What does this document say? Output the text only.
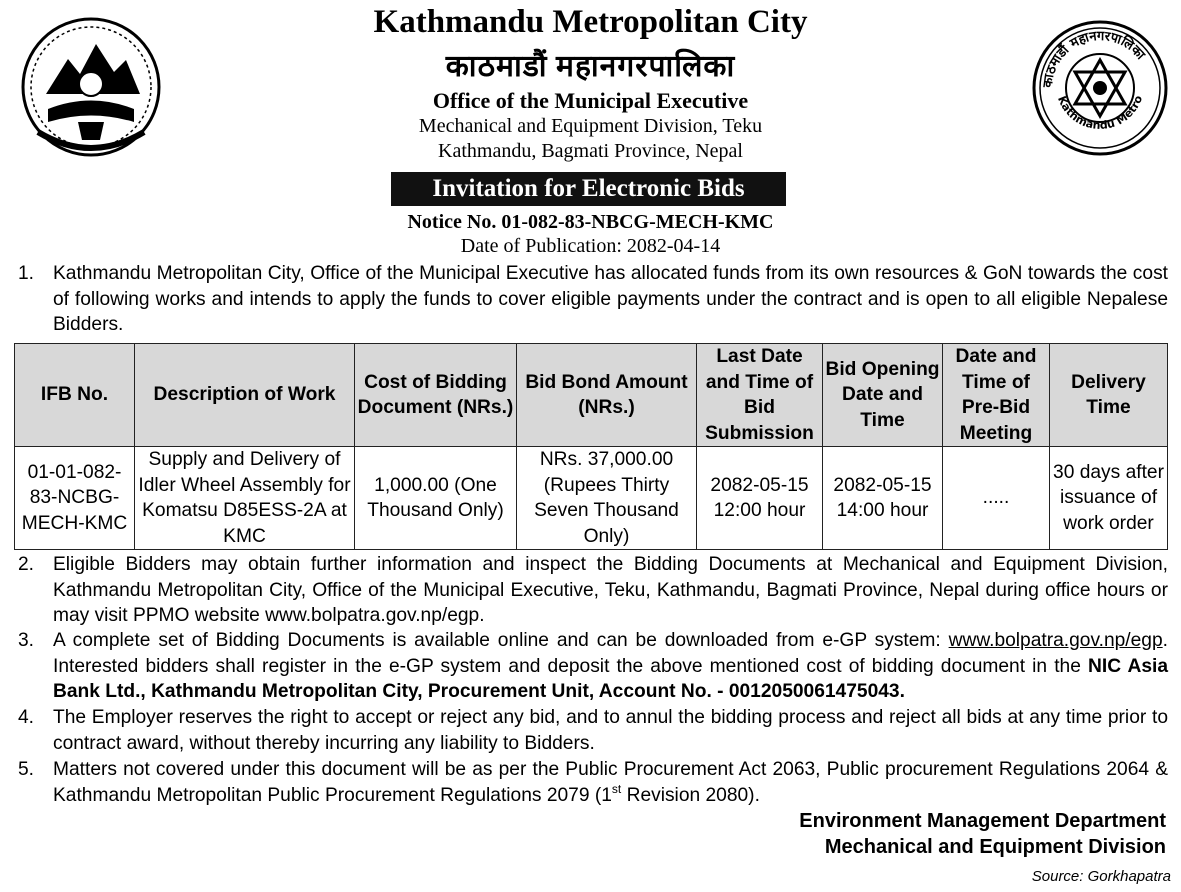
Kathmandu Metropolitan City
काठमाडौं महानगरपालिका
Office of the Municipal Executive
Mechanical and Equipment Division, Teku
Kathmandu, Bagmati Province, Nepal
Invitation for Electronic Bids
Notice No. 01-082-83-NBCG-MECH-KMC
Date of Publication: 2082-04-14
काठमाडौं महानगरपालिका
Kathmandu Metro
1. Kathmandu Metropolitan City, Office of the Municipal Executive has allocated funds from its own resources & GoN towards the cost of following works and intends to apply the funds to cover eligible payments under the contract and is open to all eligible Nepalese Bidders.
IFB No.	Description of Work	Cost of Bidding Document (NRs.)	Bid Bond Amount (NRs.)	Last Date and Time of Bid Submission	Bid Opening Date and Time	Date and Time of Pre-Bid Meeting	Delivery Time
01-01-082-83-NCBG-MECH-KMC	Supply and Delivery of Idler Wheel Assembly for Komatsu D85ESS-2A at KMC	1,000.00 (One Thousand Only)	NRs. 37,000.00 (Rupees Thirty Seven Thousand Only)	2082-05-15 12:00 hour	2082-05-15 14:00 hour	.....	30 days after issuance of work order
2. Eligible Bidders may obtain further information and inspect the Bidding Documents at Mechanical and Equipment Division, Kathmandu Metropolitan City, Office of the Municipal Executive, Teku, Kathmandu, Bagmati Province, Nepal during office hours or may visit PPMO website www.bolpatra.gov.np/egp.
3. A complete set of Bidding Documents is available online and can be downloaded from e-GP system: www.bolpatra.gov.np/egp. Interested bidders shall register in the e-GP system and deposit the above mentioned cost of bidding document in the NIC Asia Bank Ltd., Kathmandu Metropolitan City, Procurement Unit, Account No. - 0012050061475043.
4. The Employer reserves the right to accept or reject any bid, and to annul the bidding process and reject all bids at any time prior to contract award, without thereby incurring any liability to Bidders.
5. Matters not covered under this document will be as per the Public Procurement Act 2063, Public procurement Regulations 2064 & Kathmandu Metropolitan Public Procurement Regulations 2079 (1st Revision 2080).
Environment Management Department
Mechanical and Equipment Division
Source: Gorkhapatra
